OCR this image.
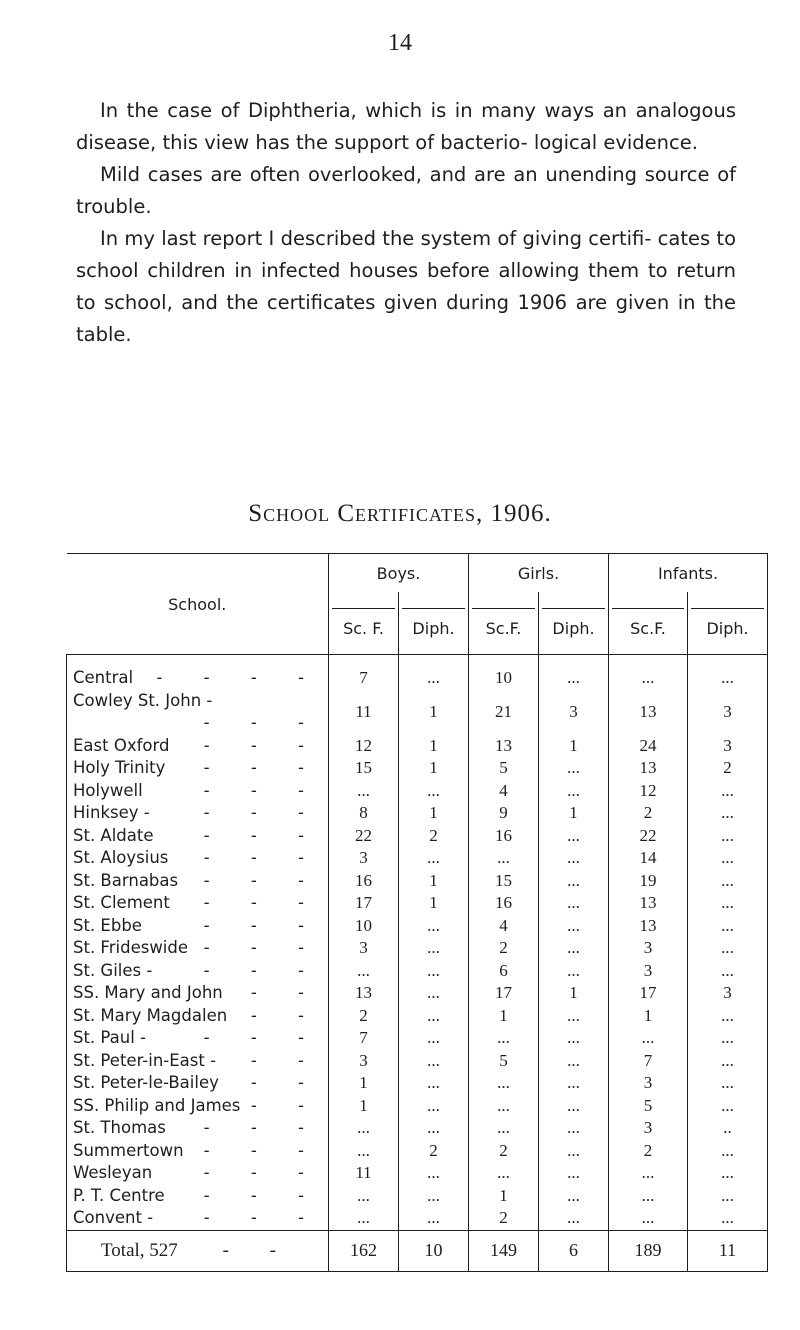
14

In the case of Diphtheria, which is in many ways an analogous disease, this view has the support of bacterio- logical evidence.

Mild cases are often overlooked, and are an unending source of trouble.

In my last report I described the system of giving certifi- cates to school children in infected houses before allowing them to return to school, and the certificates given during 1906 are given in the table.

School Certificates, 1906.
School.	Boys.		Girls.		Infants.	
	Sc. F.	Diph.	Sc.F.	Diph.	Sc.F.	Diph.
Central - - - -	7	...	10	...	...	...
Cowley St. John -
- - -	11	1	21	3	13	3
East Oxford - - -	12	1	13	1	24	3
Holy Trinity - - -	15	1	5	...	13	2
Holywell - - -	...	...	4	...	12	...
Hinksey - - - -	8	1	9	1	2	...
St. Aldate - - -	22	2	16	...	22	...
St. Aloysius - - -	3	...	...	...	14	...
St. Barnabas - - -	16	1	15	...	19	...
St. Clement - - -	17	1	16	...	13	...
St. Ebbe - - -	10	...	4	...	13	...
St. Frideswide - - -	3	...	2	...	3	...
St. Giles - - - -	...	...	6	...	3	...
SS. Mary and John - -	13	...	17	1	17	3
St. Mary Magdalen - -	2	...	1	...	1	...
St. Paul - - - -	7	...	...	...	...	...
St. Peter-in-East - - -	3	...	5	...	7	...
St. Peter-le-Bailey - -	1	...	...	...	3	...
SS. Philip and James - -	1	...	...	...	5	...
St. Thomas - - -	...	...	...	...	3	..
Summertown - - -	...	2	2	...	2	...
Wesleyan - - -	11	...	...	...	...	...
P. T. Centre - - -	...	...	1	...	...	...
Convent - - - -	...	...	2	...	...	...
Total, 527 - -	162	10	149	6	189	11
